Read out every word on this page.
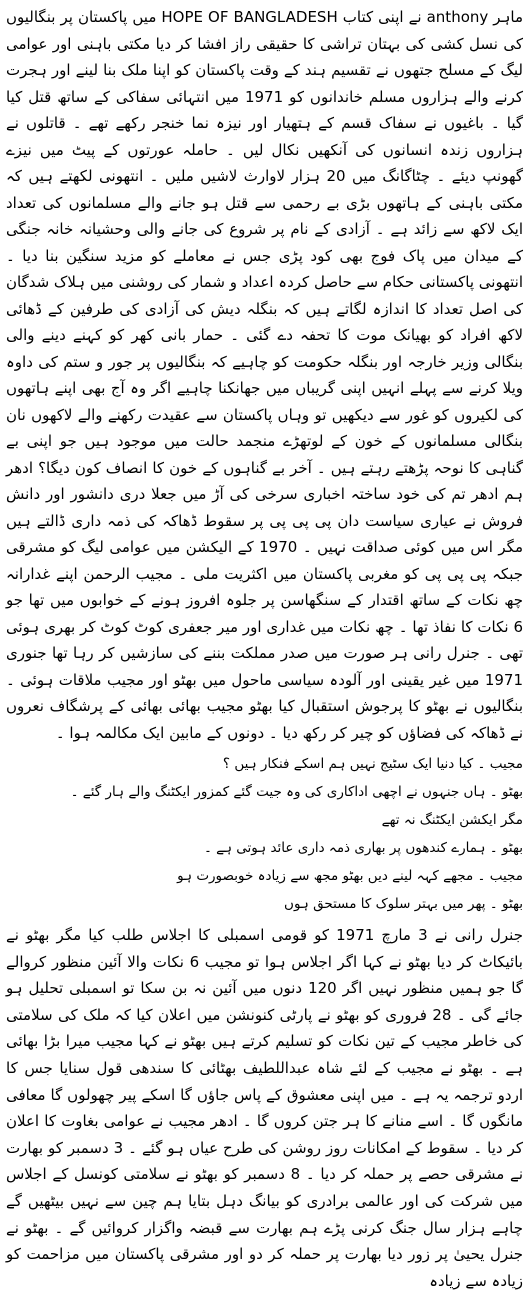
ماہر anthony نے اپنی کتاب HOPE OF BANGLADESH میں پاکستان پر بنگالیوں کی نسل کشی کی بہتان تراشی کا حقیقی راز افشا کر دیا مکتی باہنی اور عوامی لیگ کے مسلح جتھوں نے تقسیم ہند کے وقت پاکستان کو اپنا ملک بنا لینے اور ہجرت کرنے والے ہزاروں مسلم خاندانوں کو 1971 میں انتہائی سفاکی کے ساتھ قتل کیا گیا ۔ باغیوں نے سفاک قسم کے ہتھیار اور نیزہ نما خنجر رکھے تھے ۔ قاتلوں نے ہزاروں زندہ انسانوں کی آنکھیں نکال لیں ۔ حاملہ عورتوں کے پیٹ میں نیزے گھونپ دیئے ۔ چٹاگانگ میں 20 ہزار لاوارث لاشیں ملیں ۔ انتھونی لکھتے ہیں کہ مکتی باہنی کے ہاتھوں بڑی بے رحمی سے قتل ہو جانے والے مسلمانوں کی تعداد ایک لاکھ سے زائد ہے ۔ آزادی کے نام پر شروع کی جانے والی وحشیانہ خانہ جنگی کے میدان میں پاک فوج بھی کود پڑی جس نے معاملے کو مزید سنگین بنا دیا ۔ انتھونی پاکستانی حکام سے حاصل کردہ اعداد و شمار کی روشنی میں ہلاک شدگان کی اصل تعداد کا اندازہ لگاتے ہیں کہ بنگلہ دیش کی آزادی کی طرفین کے ڈھائی لاکھ افراد کو بھیانک موت کا تحفہ دے گئی ۔ حمار بانی کھر کو کہنے دینے والی بنگالی وزیر خارجہ اور بنگلہ حکومت کو چاہیے کہ بنگالیوں پر جور و ستم کی داوہ ویلا کرنے سے پہلے انہیں اپنی گریباں میں جھانکنا چاہیے اگر وہ آج بھی اپنے ہاتھوں کی لکیروں کو غور سے دیکھیں تو وہاں پاکستان سے عقیدت رکھنے والے لاکھوں نان بنگالی مسلمانوں کے خون کے لوتھڑے منجمد حالت میں موجود ہیں جو اپنی بے گناہی کا نوحہ پڑھتے رہتے ہیں ۔ آخر بے گناہوں کے خون کا انصاف کون دیگا؟ ادھر ہم ادھر تم کی خود ساختہ اخباری سرخی کی آڑ میں جعلا دری دانشور اور دانش فروش نے عیاری سیاست دان پی پی پی پر سقوط ڈھاکہ کی ذمہ داری ڈالتے ہیں مگر اس میں کوئی صداقت نہیں ۔ 1970 کے الیکشن میں عوامی لیگ کو مشرقی جبکہ پی پی پی کو مغربی پاکستان میں اکثریت ملی ۔ مجیب الرحمن اپنے غدارانہ چھ نکات کے ساتھ اقتدار کے سنگھاسن پر جلوہ افروز ہونے کے خوابوں میں تھا جو 6 نکات کا نفاذ تھا ۔ چھ نکات میں غداری اور میر جعفری کوٹ کوٹ کر بھری ہوئی تھی ۔ جنرل رانی ہر صورت میں صدر مملکت بننے کی سازشیں کر رہا تھا جنوری 1971 میں غیر یقینی اور آلودہ سیاسی ماحول میں بھٹو اور مجیب ملاقات ہوئی ۔ بنگالیوں نے بھٹو کا پرجوش استقبال کیا بھٹو مجیب بھائی بھائی کے پرشگاف نعروں نے ڈھاکہ کی فضاؤں کو چیر کر رکھ دیا ۔ دونوں کے مابین ایک مکالمہ ہوا ۔

مجیب ۔ کیا دنیا ایک سٹیج نہیں ہم اسکے فنکار ہیں ؟

بھٹو ۔ ہاں جنہوں نے اچھی اداکاری کی وہ جیت گئے کمزور ایکٹنگ والے ہار گئے ۔

مگر ایکشن ایکٹنگ نہ تھے

بھٹو ۔ ہمارے کندھوں پر بھاری ذمہ داری عائد ہوتی ہے ۔

مجیب ۔ مجھے کہہ لینے دیں بھٹو مجھ سے زیادہ خوبصورت ہو

بھٹو ۔ پھر میں بہتر سلوک کا مستحق ہوں

جنرل رانی نے 3 مارچ 1971 کو قومی اسمبلی کا اجلاس طلب کیا مگر بھٹو نے بائیکاٹ کر دیا بھٹو نے کہا اگر اجلاس ہوا تو مجیب 6 نکات والا آئین منظور کروالے گا جو ہمیں منظور نہیں اگر 120 دنوں میں آئین نہ بن سکا تو اسمبلی تحلیل ہو جائے گی ۔ 28 فروری کو بھٹو نے پارٹی کنونشن میں اعلان کیا کہ ملک کی سلامتی کی خاطر مجیب کے تین نکات کو تسلیم کرتے ہیں بھٹو نے کہا مجیب میرا بڑا بھائی ہے ۔ بھٹو نے مجیب کے لئے شاہ عبداللطیف بھٹائی کا سندھی قول سنایا جس کا اردو ترجمہ یہ ہے ۔ میں اپنی معشوق کے پاس جاؤں گا اسکے پیر چھولوں گا معافی مانگوں گا ۔ اسے منانے کا ہر جتن کروں گا ۔ ادھر مجیب نے عوامی بغاوت کا اعلان کر دیا ۔ سقوط کے امکانات روز روشن کی طرح عیاں ہو گئے ۔ 3 دسمبر کو بھارت نے مشرقی حصے پر حملہ کر دیا ۔ 8 دسمبر کو بھٹو نے سلامتی کونسل کے اجلاس میں شرکت کی اور عالمی برادری کو بیانگ دہل بتایا ہم چین سے نہیں بیٹھیں گے چاہے ہزار سال جنگ کرنی پڑے ہم بھارت سے قبضہ واگزار کروائیں گے ۔ بھٹو نے جنرل یحییٰ پر زور دیا بھارت پر حملہ کر دو اور مشرقی پاکستان میں مزاحمت کو زیادہ سے زیادہ
